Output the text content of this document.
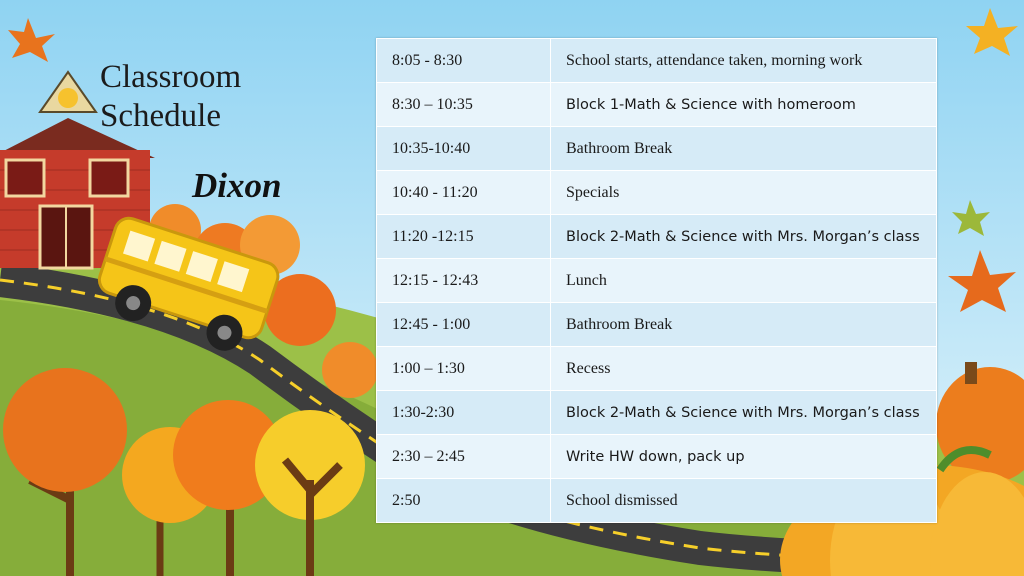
Classroom
Schedule
Dixon
8:05 - 8:30	School starts, attendance taken, morning work
8:30 – 10:35	Block 1-Math & Science with homeroom
10:35-10:40	Bathroom Break
10:40 - 11:20	Specials
11:20 -12:15	Block 2-Math & Science with Mrs. Morgan’s class
12:15 - 12:43	Lunch
12:45 - 1:00	Bathroom Break
1:00 – 1:30	Recess
1:30-2:30	Block 2-Math & Science with Mrs. Morgan’s class
2:30 – 2:45	Write HW down, pack up
2:50	School dismissed
